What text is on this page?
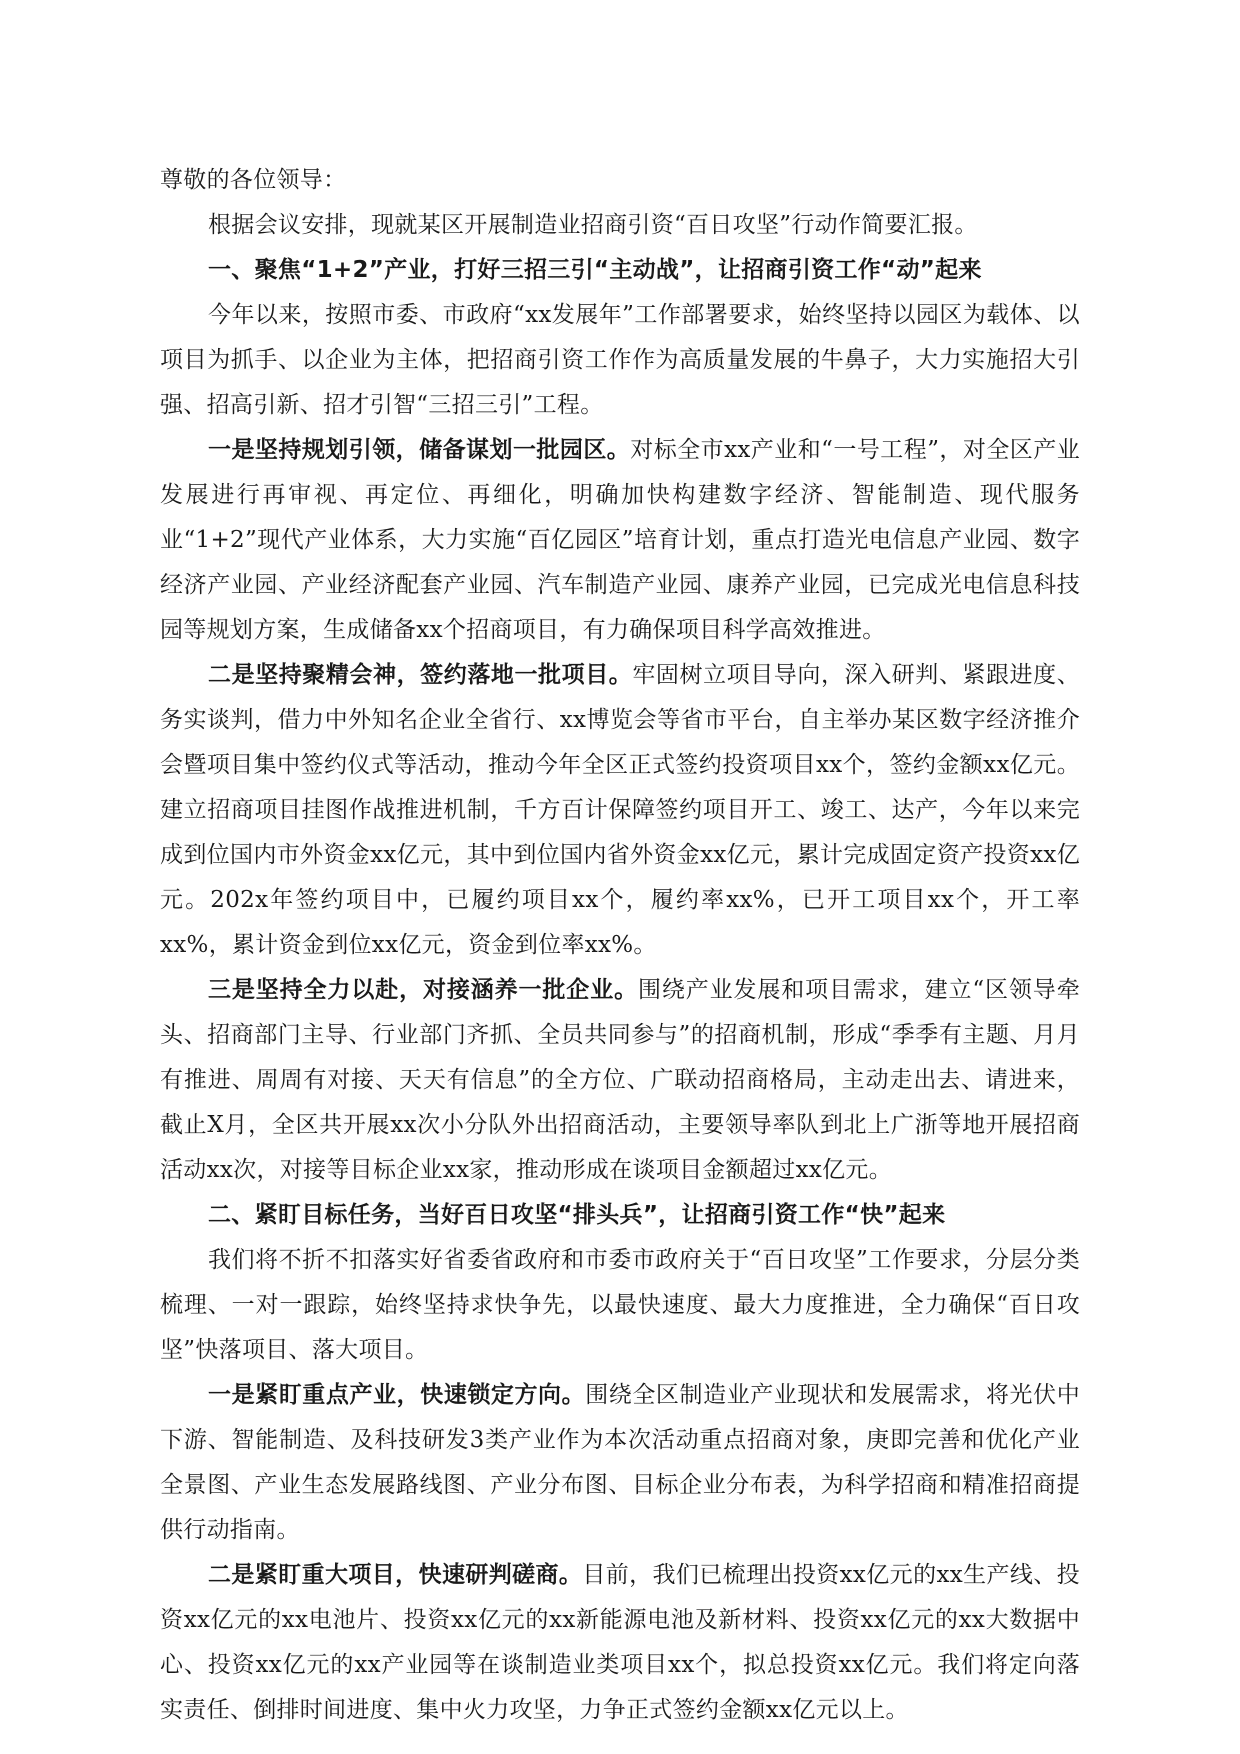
尊敬的各位领导：

根据会议安排，现就某区开展制造业招商引资“百日攻坚”行动作简要汇报。

一、聚焦“1+2”产业，打好三招三引“主动战”，让招商引资工作“动”起来

今年以来，按照市委、市政府“xx发展年”工作部署要求，始终坚持以园区为载体、以项目为抓手、以企业为主体，把招商引资工作作为高质量发展的牛鼻子，大力实施招大引强、招高引新、招才引智“三招三引”工程。

一是坚持规划引领，储备谋划一批园区。对标全市xx产业和“一号工程”，对全区产业发展进行再审视、再定位、再细化，明确加快构建数字经济、智能制造、现代服务业“1+2”现代产业体系，大力实施“百亿园区”培育计划，重点打造光电信息产业园、数字经济产业园、产业经济配套产业园、汽车制造产业园、康养产业园，已完成光电信息科技园等规划方案，生成储备xx个招商项目，有力确保项目科学高效推进。

二是坚持聚精会神，签约落地一批项目。牢固树立项目导向，深入研判、紧跟进度、务实谈判，借力中外知名企业全省行、xx博览会等省市平台，自主举办某区数字经济推介会暨项目集中签约仪式等活动，推动今年全区正式签约投资项目xx个，签约金额xx亿元。建立招商项目挂图作战推进机制，千方百计保障签约项目开工、竣工、达产，今年以来完成到位国内市外资金xx亿元，其中到位国内省外资金xx亿元，累计完成固定资产投资xx亿元。202x年签约项目中，已履约项目xx个，履约率xx%，已开工项目xx个，开工率xx%，累计资金到位xx亿元，资金到位率xx%。

三是坚持全力以赴，对接涵养一批企业。围绕产业发展和项目需求，建立“区领导牵头、招商部门主导、行业部门齐抓、全员共同参与”的招商机制，形成“季季有主题、月月有推进、周周有对接、天天有信息”的全方位、广联动招商格局，主动走出去、请进来，截止X月，全区共开展xx次小分队外出招商活动，主要领导率队到北上广浙等地开展招商活动xx次，对接等目标企业xx家，推动形成在谈项目金额超过xx亿元。

二、紧盯目标任务，当好百日攻坚“排头兵”，让招商引资工作“快”起来

我们将不折不扣落实好省委省政府和市委市政府关于“百日攻坚”工作要求，分层分类梳理、一对一跟踪，始终坚持求快争先，以最快速度、最大力度推进，全力确保“百日攻坚”快落项目、落大项目。

一是紧盯重点产业，快速锁定方向。围绕全区制造业产业现状和发展需求，将光伏中下游、智能制造、及科技研发3类产业作为本次活动重点招商对象，庚即完善和优化产业全景图、产业生态发展路线图、产业分布图、目标企业分布表，为科学招商和精准招商提供行动指南。

二是紧盯重大项目，快速研判磋商。目前，我们已梳理出投资xx亿元的xx生产线、投资xx亿元的xx电池片、投资xx亿元的xx新能源电池及新材料、投资xx亿元的xx大数据中心、投资xx亿元的xx产业园等在谈制造业类项目xx个，拟总投资xx亿元。我们将定向落实责任、倒排时间进度、集中火力攻坚，力争正式签约金额xx亿元以上。
